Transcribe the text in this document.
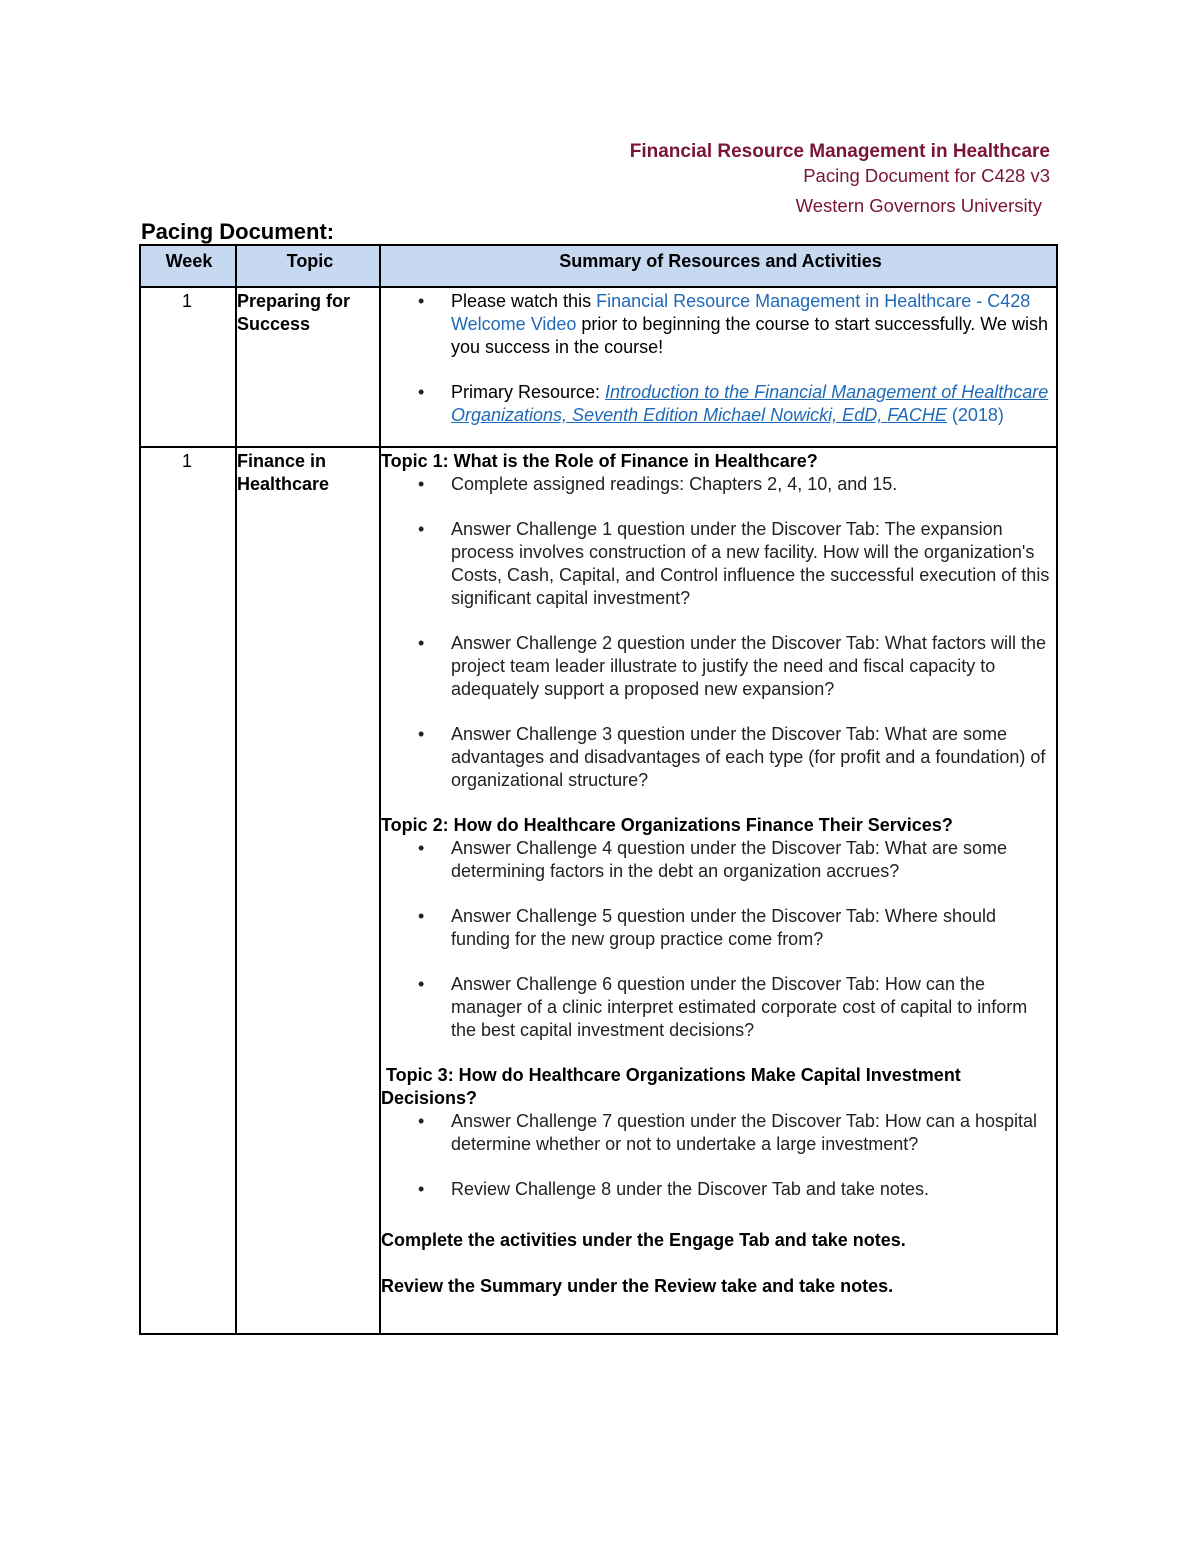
Financial Resource Management in Healthcare
Pacing Document for C428 v3
Western Governors University
Pacing Document:
Week	Topic	Summary of Resources and Activities
1	Preparing for Success
• Please watch this Financial Resource Management in Healthcare - C428 Welcome Video prior to beginning the course to start successfully. We wish you success in the course!
• Primary Resource: Introduction to the Financial Management of Healthcare Organizations, Seventh Edition Michael Nowicki, EdD, FACHE (2018)
1	Finance in Healthcare
Topic 1: What is the Role of Finance in Healthcare?
• Complete assigned readings: Chapters 2, 4, 10, and 15.
• Answer Challenge 1 question under the Discover Tab: The expansion process involves construction of a new facility. How will the organization's Costs, Cash, Capital, and Control influence the successful execution of this significant capital investment?
• Answer Challenge 2 question under the Discover Tab: What factors will the project team leader illustrate to justify the need and fiscal capacity to adequately support a proposed new expansion?
• Answer Challenge 3 question under the Discover Tab: What are some advantages and disadvantages of each type (for profit and a foundation) of organizational structure?
Topic 2: How do Healthcare Organizations Finance Their Services?
• Answer Challenge 4 question under the Discover Tab: What are some determining factors in the debt an organization accrues?
• Answer Challenge 5 question under the Discover Tab: Where should funding for the new group practice come from?
• Answer Challenge 6 question under the Discover Tab: How can the manager of a clinic interpret estimated corporate cost of capital to inform the best capital investment decisions?
Topic 3: How do Healthcare Organizations Make Capital Investment Decisions?
• Answer Challenge 7 question under the Discover Tab: How can a hospital determine whether or not to undertake a large investment?
• Review Challenge 8 under the Discover Tab and take notes.
Complete the activities under the Engage Tab and take notes.
Review the Summary under the Review take and take notes.
